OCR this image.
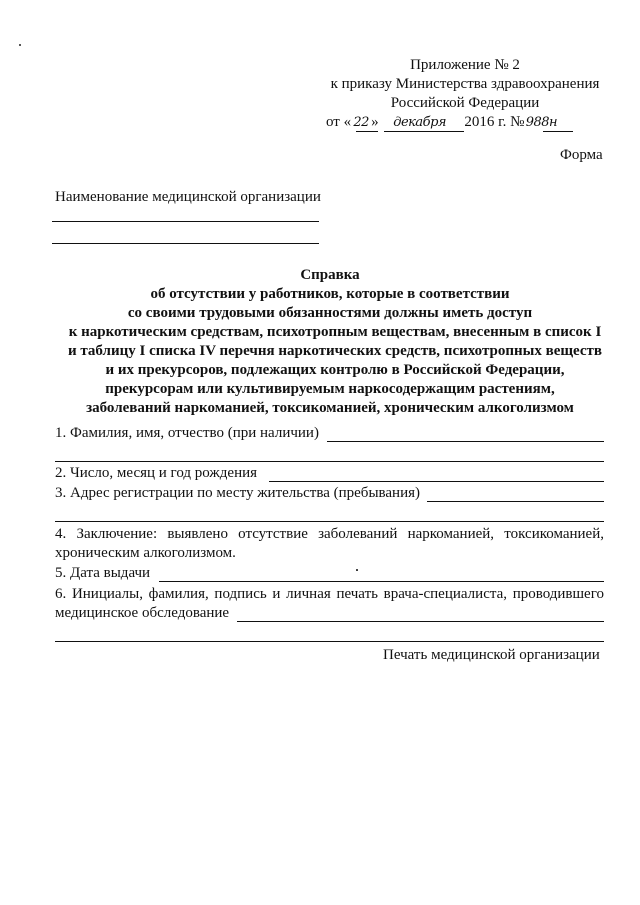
Приложение № 2
к приказу Министерства здравоохранения
Российской Федерации
от « 22 » декабря 2016 г. №988н
Форма
Наименование медицинской организации
Справка
об отсутствии у работников, которые в соответствии
со своими трудовыми обязанностями должны иметь доступ
к наркотическим средствам, психотропным веществам, внесенным в список I
и таблицу I списка IV перечня наркотических средств, психотропных веществ
и их прекурсоров, подлежащих контролю в Российской Федерации,
прекурсорам или культивируемым наркосодержащим растениям,
заболеваний наркоманией, токсикоманией, хроническим алкоголизмом
1. Фамилия, имя, отчество (при наличии)
2. Число, месяц и год рождения
3. Адрес регистрации по месту жительства (пребывания)
4. Заключение: выявлено отсутствие заболеваний наркоманией, токсикоманией,
хроническим алкоголизмом.
5. Дата выдачи
6. Инициалы, фамилия, подпись и личная печать врача-специалиста, проводившего
медицинское обследование
Печать медицинской организации
